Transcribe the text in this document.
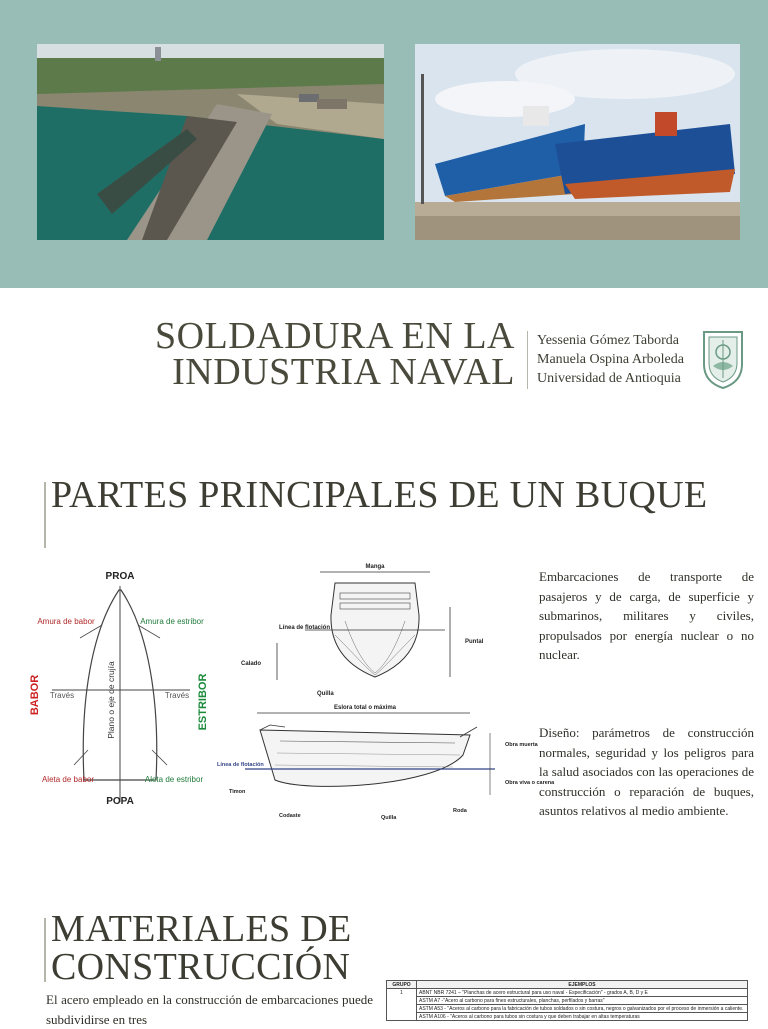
SOLDADURA EN LA
INDUSTRIA NAVAL
Yessenia Gómez Taborda
Manuela Ospina Arboleda
Universidad de Antioquia
PARTES PRINCIPALES DE UN BUQUE
PROA
POPA
BABOR	ESTRIBOR
Amura de babor	Amura de estribor
Través	Través
Plano o eje de crujía
Aleta de babor	Aleta de estribor
Manga
Línea de flotación
Puntal
Calado
Quilla
Eslora total o máxima
Línea de flotación
Obra muerta
Obra viva o carena
Timon
Codaste	Quilla
Roda
Embarcaciones de transporte de pasajeros y de carga, de superficie y submarinos, militares y civiles, propulsados por energía nuclear o no nuclear.
Diseño: parámetros de construcción normales, seguridad y los peligros para la salud asociados con las operaciones de construcción o reparación de buques, asuntos relativos al medio ambiente.
MATERIALES DE
CONSTRUCCIÓN
El acero empleado en la construcción de embarcaciones puede subdividirse en tres
GRUPO	EJEMPLOS
1	ABNT NBR 7241 – "Planchas de acero estructural para uso naval - Especificación" - grados A, B, D y E
	ASTM A7 -"Acero al carbono para fines estructurales, planchas, perfilados y barras"
	ASTM A53 - "Aceros al carbono para la fabricación de tubos soldados o sin costura, negros o galvanizados por el proceso de inmersión a caliente.
	ASTM A106 - "Aceros al carbono para tubos sin costura y que deben trabajar en altas temperaturas
